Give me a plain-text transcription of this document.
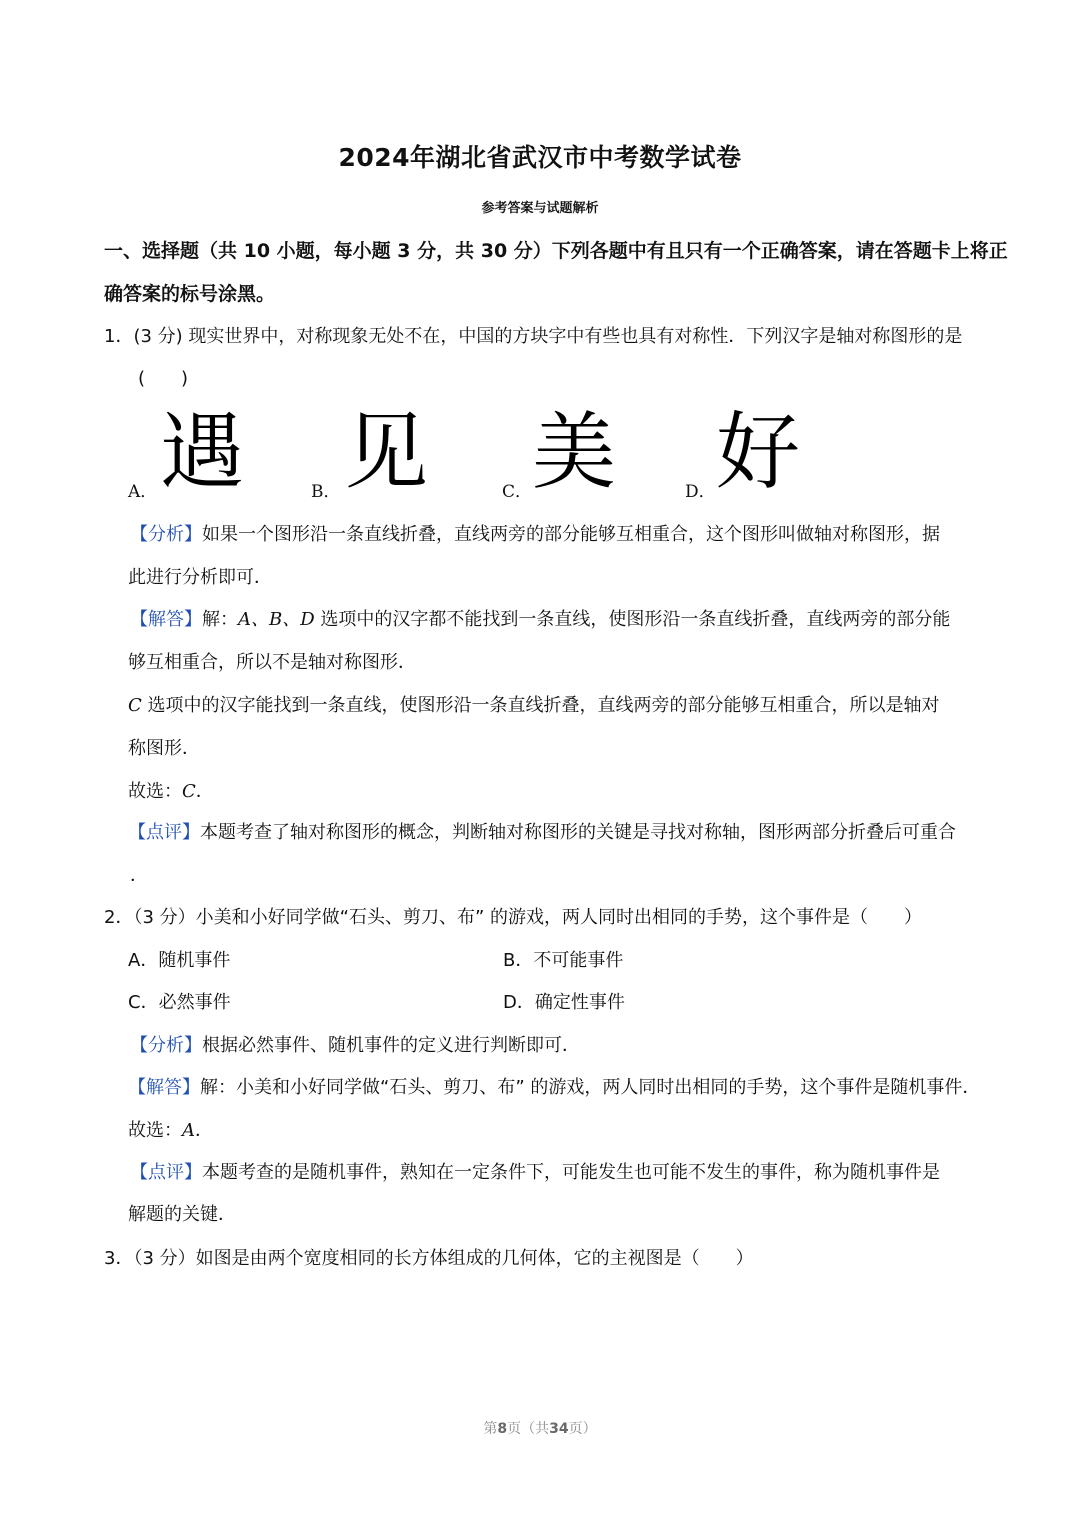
2024年湖北省武汉市中考数学试卷
参考答案与试题解析
一、选择题（共 10 小题，每小题 3 分，共 30 分）下列各题中有且只有一个正确答案，请在答题卡上将正
确答案的标号涂黑。
1．(3 分) 现实世界中，对称现象无处不在，中国的方块字中有些也具有对称性．下列汉字是轴对称图形的是
(　　)
A． 遇	B． 见	C． 美	D． 好
【分析】如果一个图形沿一条直线折叠，直线两旁的部分能够互相重合，这个图形叫做轴对称图形，据
此进行分析即可．
【解答】解：A、B、D 选项中的汉字都不能找到一条直线，使图形沿一条直线折叠，直线两旁的部分能
够互相重合，所以不是轴对称图形．
C 选项中的汉字能找到一条直线，使图形沿一条直线折叠，直线两旁的部分能够互相重合，所以是轴对
称图形．
故选：C．
【点评】本题考查了轴对称图形的概念，判断轴对称图形的关键是寻找对称轴，图形两部分折叠后可重合
．
2．（3 分）小美和小好同学做“石头、剪刀、布” 的游戏，两人同时出相同的手势，这个事件是（　　）
A．随机事件	B．不可能事件
C．必然事件	D．确定性事件
【分析】根据必然事件、随机事件的定义进行判断即可．
【解答】解：小美和小好同学做“石头、剪刀、布” 的游戏，两人同时出相同的手势，这个事件是随机事件．
故选：A．
【点评】本题考查的是随机事件，熟知在一定条件下，可能发生也可能不发生的事件，称为随机事件是
解题的关键．
3．（3 分）如图是由两个宽度相同的长方体组成的几何体，它的主视图是（　　）
第8页（共34页）
